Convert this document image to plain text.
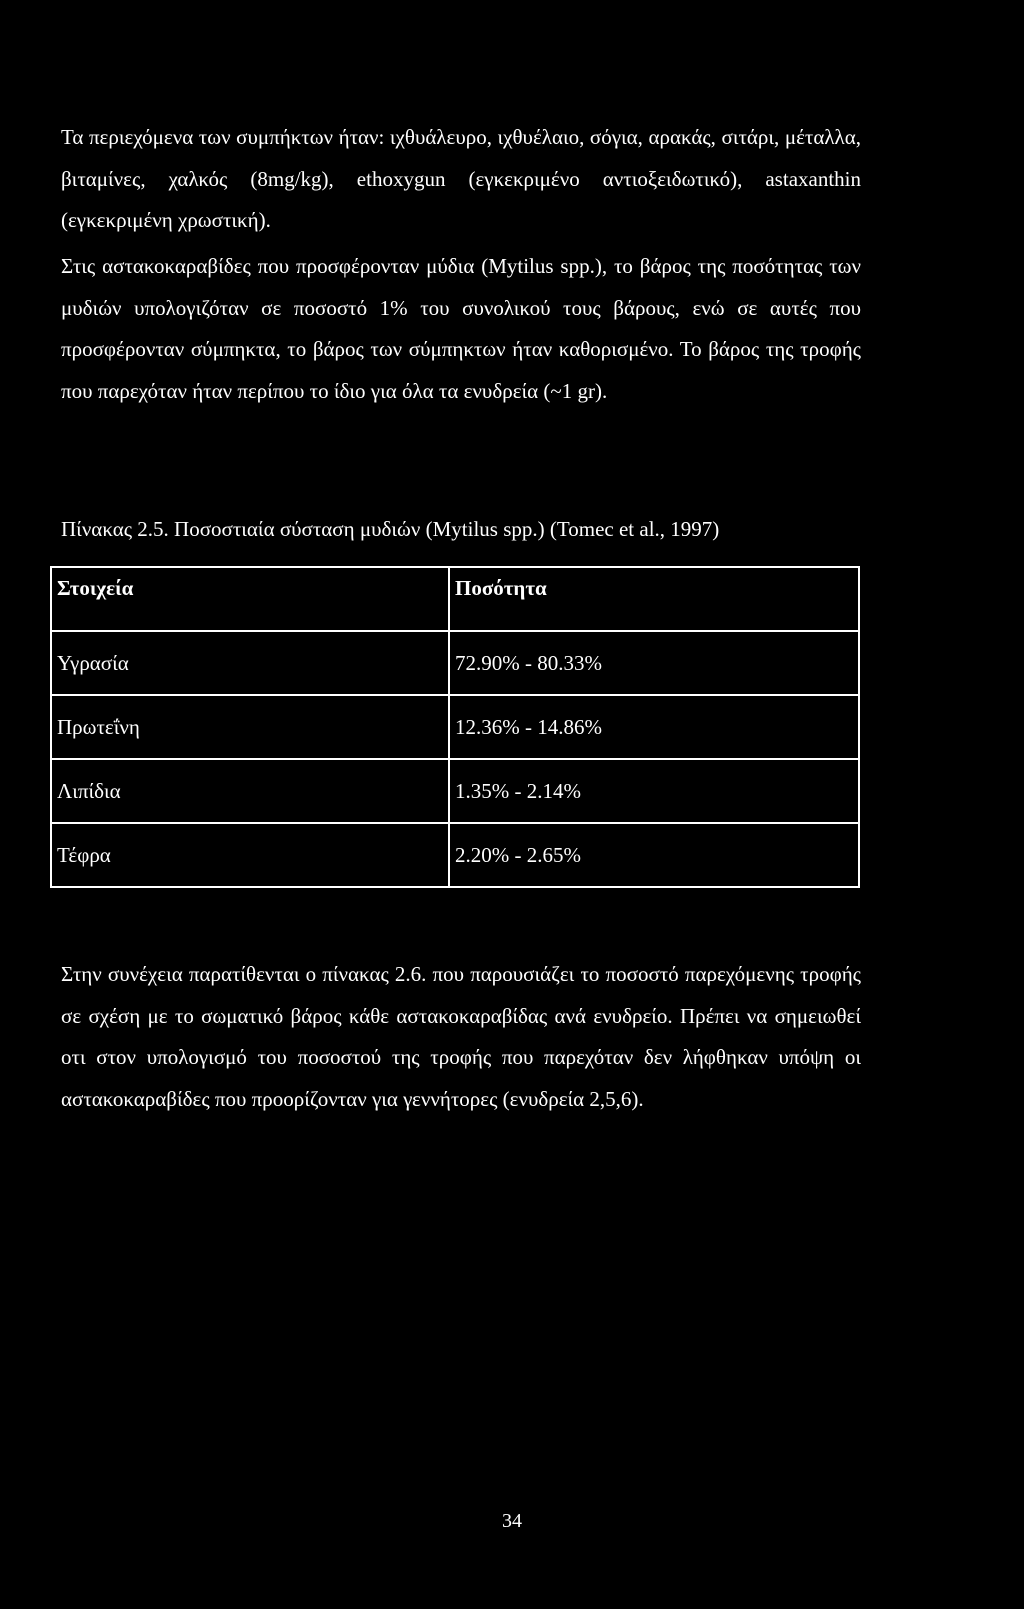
Τα περιεχόμενα των συμπήκτων ήταν: ιχθυάλευρο, ιχθυέλαιο, σόγια, αρακάς, σιτάρι, μέταλλα, βιταμίνες, χαλκός (8mg/kg), ethoxygun (εγκεκριμένο αντιοξειδωτικό), astaxanthin (εγκεκριμένη χρωστική).

Στις αστακοκαραβίδες που προσφέρονταν μύδια (Mytilus spp.), το βάρος της ποσότητας των μυδιών υπολογιζόταν σε ποσοστό 1% του συνολικού τους βάρους, ενώ σε αυτές που προσφέρονταν σύμπηκτα, το βάρος των σύμπηκτων ήταν καθορισμένο. Το βάρος της τροφής που παρεχόταν ήταν περίπου το ίδιο για όλα τα ενυδρεία (~1 gr).

Πίνακας 2.5. Ποσοστιαία σύσταση μυδιών (Mytilus spp.) (Tomec et al., 1997)

Στοιχεία	Ποσότητα
Υγρασία	72.90% - 80.33%
Πρωτεΐνη	12.36% - 14.86%
Λιπίδια	1.35% - 2.14%
Τέφρα	2.20% - 2.65%

Στην συνέχεια παρατίθενται ο πίνακας 2.6. που παρουσιάζει το ποσοστό παρεχόμενης τροφής σε σχέση με το σωματικό βάρος κάθε αστακοκαραβίδας ανά ενυδρείο. Πρέπει να σημειωθεί οτι στον υπολογισμό του ποσοστού της τροφής που παρεχόταν δεν λήφθηκαν υπόψη οι αστακοκαραβίδες που προορίζονταν για γεννήτορες (ενυδρεία 2,5,6).

34
